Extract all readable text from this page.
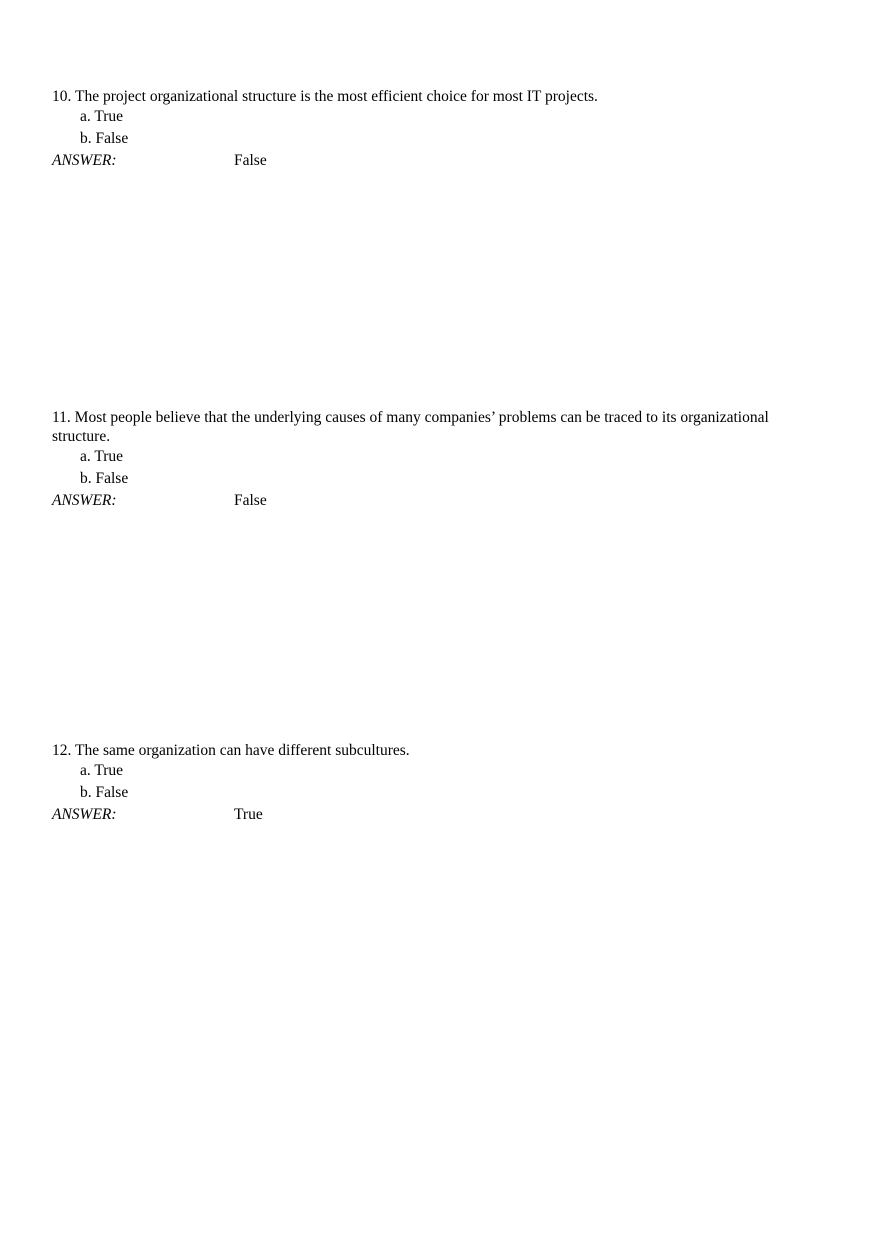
10. The project organizational structure is the most efficient choice for most IT projects.

a. True
b. False
ANSWER:	False

11. Most people believe that the underlying causes of many companies’ problems can be traced to its organizational structure.

a. True
b. False
ANSWER:	False

12. The same organization can have different subcultures.

a. True
b. False
ANSWER:	True
